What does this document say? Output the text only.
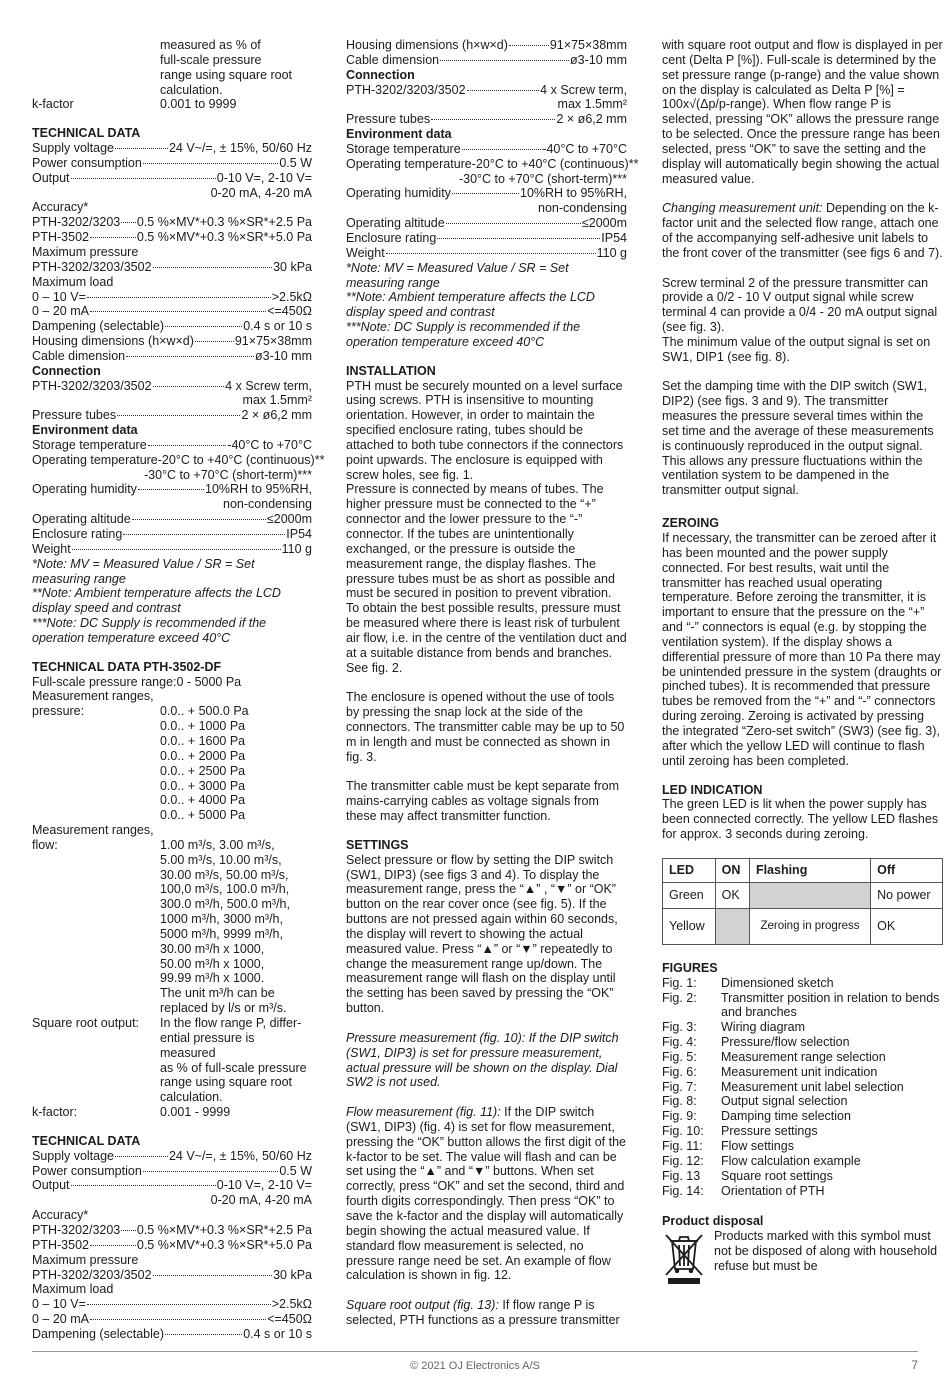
measured as % of
full-scale pressure
range using square root
calculation.
k-factor	0.001 to 9999
TECHNICAL DATA
Supply voltage	24 V~/=, ± 15%, 50/60 Hz
Power consumption	0.5 W
Output	0-10 V=, 2-10 V=
0-20 mA, 4-20 mA
Accuracy*
PTH-3202/3203 0.5 %×MV*+0.3 %×SR*+2.5 Pa
PTH-3502	0.5 %×MV*+0.3 %×SR*+5.0 Pa
Maximum pressure
PTH-3202/3203/3502	30 kPa
Maximum load
0 – 10 V=	>2.5kΩ
0 – 20 mA	<=450Ω
Dampening (selectable)	0.4 s or 10 s
Housing dimensions (h×w×d)	91×75×38mm
Cable dimension	ø3-10 mm
Connection
PTH-3202/3203/3502	4 x Screw term,
max 1.5mm²
Pressure tubes	2 × ø6,2 mm
Environment data
Storage temperature	-40°C to +70°C
Operating temperature -20°C to +40°C (continuous)**
-30°C to +70°C (short-term)***
Operating humidity	10%RH to 95%RH,
non-condensing
Operating altitude	≤2000m
Enclosure rating	IP54
Weight	110 g
*Note: MV = Measured Value / SR = Set measuring range
**Note: Ambient temperature affects the LCD display speed and contrast
***Note: DC Supply is recommended if the operation temperature exceed 40°C
TECHNICAL DATA PTH-3502-DF
Full-scale pressure range:0 - 5000 Pa
Measurement ranges,
pressure:	0.0.. + 500.0 Pa
0.0.. + 1000 Pa
0.0.. + 1600 Pa
0.0.. + 2000 Pa
0.0.. + 2500 Pa
0.0.. + 3000 Pa
0.0.. + 4000 Pa
0.0.. + 5000 Pa
Measurement ranges,
flow:	1.00 m³/s, 3.00 m³/s,
5.00 m³/s, 10.00 m³/s,
30.00 m³/s, 50.00 m³/s,
100,0 m³/s, 100.0 m³/h,
300.0 m³/h, 500.0 m³/h,
1000 m³/h, 3000 m³/h,
5000 m³/h, 9999 m³/h,
30.00 m³/h x 1000,
50.00 m³/h x 1000,
99.99 m³/h x 1000.
The unit m³/h can be
replaced by l/s or m³/s.
Square root output:	In the flow range P, differ-
ential pressure is measured
as % of full-scale pressure
range using square root
calculation.
k-factor:	0.001 - 9999
TECHNICAL DATA
Supply voltage	24 V~/=, ± 15%, 50/60 Hz
Power consumption	0.5 W
Output	0-10 V=, 2-10 V=
0-20 mA, 4-20 mA
Accuracy*
PTH-3202/3203 0.5 %×MV*+0.3 %×SR*+2.5 Pa
PTH-3502	0.5 %×MV*+0.3 %×SR*+5.0 Pa
Maximum pressure
PTH-3202/3203/3502	30 kPa
Maximum load
0 – 10 V=	>2.5kΩ
0 – 20 mA	<=450Ω
Dampening (selectable)	0.4 s or 10 s
Housing dimensions (h×w×d)	91×75×38mm
Cable dimension	ø3-10 mm
Connection
PTH-3202/3203/3502	4 x Screw term,
max 1.5mm²
Pressure tubes	2 × ø6,2 mm
Environment data
Storage temperature	-40°C to +70°C
Operating temperature -20°C to +40°C (continuous)**
-30°C to +70°C (short-term)***
Operating humidity	10%RH to 95%RH,
non-condensing
Operating altitude	≤2000m
Enclosure rating	IP54
Weight	110 g
*Note: MV = Measured Value / SR = Set measuring range
**Note: Ambient temperature affects the LCD display speed and contrast
***Note: DC Supply is recommended if the operation temperature exceed 40°C
INSTALLATION
PTH must be securely mounted on a level surface using screws. PTH is insensitive to mounting orientation. However, in order to maintain the specified enclosure rating, tubes should be attached to both tube connectors if the connectors point upwards. The enclosure is equipped with screw holes, see fig. 1.
Pressure is connected by means of tubes. The higher pressure must be connected to the “+” connector and the lower pressure to the “-” connector. If the tubes are unintentionally exchanged, or the pressure is outside the measurement range, the display flashes. The pressure tubes must be as short as possible and must be secured in position to prevent vibration. To obtain the best possible results, pressure must be measured where there is least risk of turbulent air flow, i.e. in the centre of the ventilation duct and at a suitable distance from bends and branches. See fig. 2.
The enclosure is opened without the use of tools by pressing the snap lock at the side of the connectors. The transmitter cable may be up to 50 m in length and must be connected as shown in fig. 3.
The transmitter cable must be kept separate from mains-carrying cables as voltage signals from these may affect transmitter function.
SETTINGS
Select pressure or flow by setting the DIP switch (SW1, DIP3) (see figs 3 and 4). To display the measurement range, press the “▲” , “▼” or “OK” button on the rear cover once (see fig. 5). If the buttons are not pressed again within 60 seconds, the display will revert to showing the actual measured value. Press “▲” or “▼” repeatedly to change the measurement range up/down. The measurement range will flash on the display until the setting has been saved by pressing the “OK” button.
Pressure measurement (fig. 10): If the DIP switch (SW1, DIP3) is set for pressure measurement, actual pressure will be shown on the display. Dial SW2 is not used.
Flow measurement (fig. 11): If the DIP switch (SW1, DIP3) (fig. 4) is set for flow measurement, pressing the “OK” button allows the first digit of the k-factor to be set. The value will flash and can be set using the “▲” and “▼” buttons. When set correctly, press “OK” and set the second, third and fourth digits correspondingly. Then press “OK” to save the k-factor and the display will automatically begin showing the actual measured value. If standard flow measurement is selected, no pressure range need be set. An example of flow calculation is shown in fig. 12.
Square root output (fig. 13): If flow range P is selected, PTH functions as a pressure transmitter
with square root output and flow is displayed in per cent (Delta P [%]). Full-scale is determined by the set pressure range (p-range) and the value shown on the display is calculated as Delta P [%] = 100x√(Δp/p-range). When flow range P is selected, pressing “OK” allows the pressure range to be selected. Once the pressure range has been selected, press “OK” to save the setting and the display will automatically begin showing the actual measured value.
Changing measurement unit: Depending on the k-factor unit and the selected flow range, attach one of the accompanying self-adhesive unit labels to the front cover of the transmitter (see figs 6 and 7).
Screw terminal 2 of the pressure transmitter can provide a 0/2 - 10 V output signal while screw terminal 4 can provide a 0/4 - 20 mA output signal (see fig. 3).
The minimum value of the output signal is set on SW1, DIP1 (see fig. 8).
Set the damping time with the DIP switch (SW1, DIP2) (see figs. 3 and 9). The transmitter measures the pressure several times within the set time and the average of these measurements is continuously reproduced in the output signal. This allows any pressure fluctuations within the ventilation system to be dampened in the transmitter output signal.
ZEROING
If necessary, the transmitter can be zeroed after it has been mounted and the power supply connected. For best results, wait until the transmitter has reached usual operating temperature. Before zeroing the transmitter, it is important to ensure that the pressure on the “+” and “-” connectors is equal (e.g. by stopping the ventilation system). If the display shows a differential pressure of more than 10 Pa there may be unintended pressure in the system (draughts or pinched tubes). It is recommended that pressure tubes be removed from the “+” and “-” connectors during zeroing. Zeroing is activated by pressing the integrated “Zero-set switch” (SW3) (see fig. 3), after which the yellow LED will continue to flash until zeroing has been completed.
LED INDICATION
The green LED is lit when the power supply has been connected correctly. The yellow LED flashes for approx. 3 seconds during zeroing.
LED	ON	Flashing	Off
Green	OK		No power
Yellow		Zeroing in progress	OK
FIGURES
Fig. 1:	Dimensioned sketch
Fig. 2:	Transmitter position in relation to bends and branches
Fig. 3:	Wiring diagram
Fig. 4:	Pressure/flow selection
Fig. 5:	Measurement range selection
Fig. 6:	Measurement unit indication
Fig. 7:	Measurement unit label selection
Fig. 8:	Output signal selection
Fig. 9:	Damping time selection
Fig. 10:	Pressure settings
Fig. 11:	Flow settings
Fig. 12:	Flow calculation example
Fig. 13	Square root settings
Fig. 14:	Orientation of PTH
Product disposal
Products marked with this symbol must not be disposed of along with household refuse but must be
© 2021 OJ Electronics A/S	7
